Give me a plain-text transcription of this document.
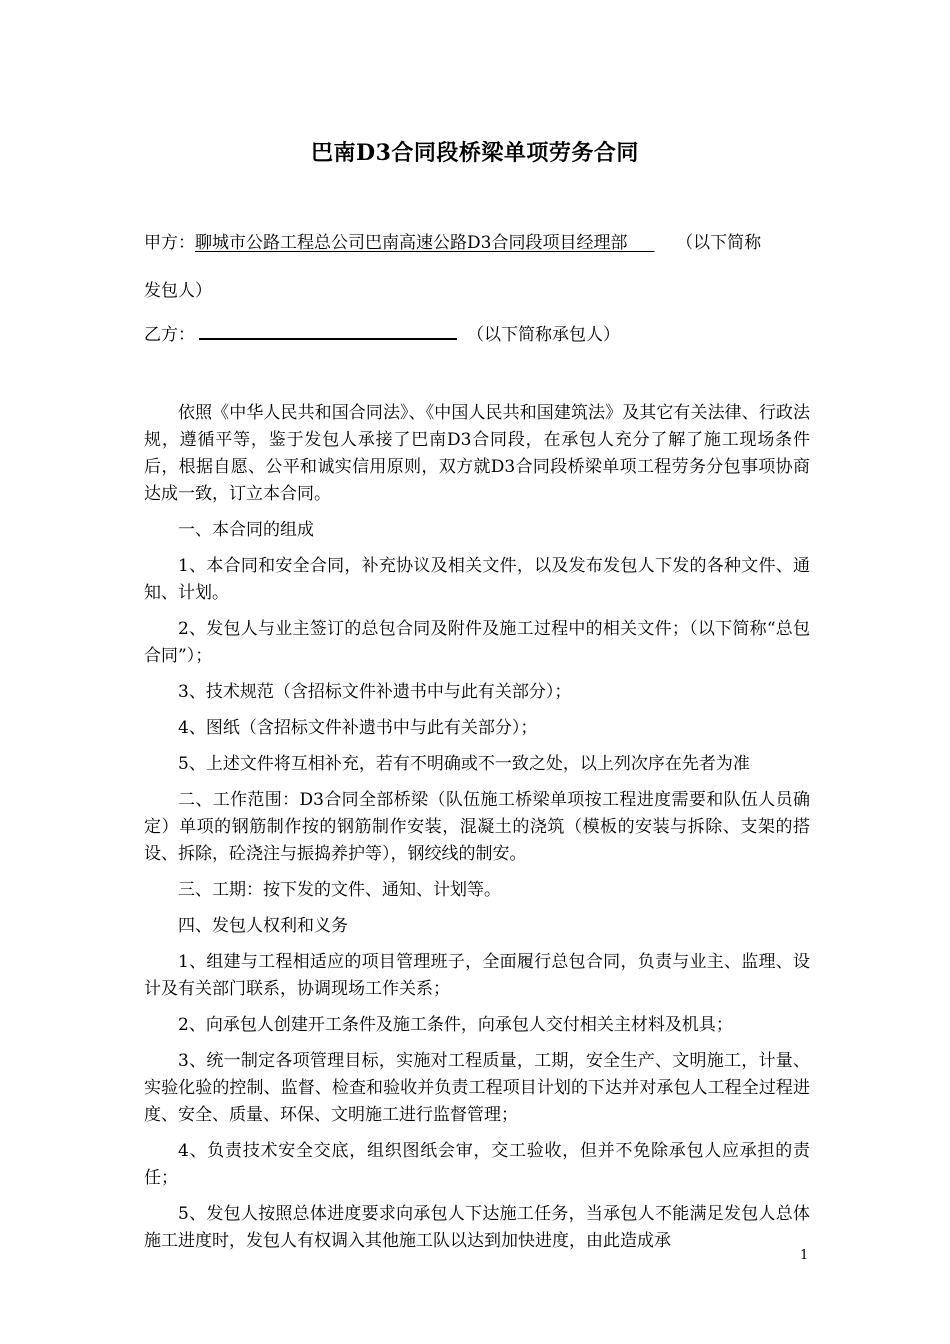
巴南D3合同段桥梁单项劳务合同
甲方：聊城市公路工程总公司巴南高速公路D3合同段项目经理部	（以下简称
发包人）
乙方：	（以下简称承包人）

依照《中华人民共和国合同法》、《中国人民共和国建筑法》及其它有关法律、行政法规，遵循平等，鉴于发包人承接了巴南D3合同段，在承包人充分了解了施工现场条件后，根据自愿、公平和诚实信用原则，双方就D3合同段桥梁单项工程劳务分包事项协商达成一致，订立本合同。

一、本合同的组成

1、本合同和安全合同，补充协议及相关文件，以及发布发包人下发的各种文件、通知、计划。

2、发包人与业主签订的总包合同及附件及施工过程中的相关文件；（以下简称“总包合同”）；

3、技术规范（含招标文件补遗书中与此有关部分）；

4、图纸（含招标文件补遗书中与此有关部分）；

5、上述文件将互相补充，若有不明确或不一致之处，以上列次序在先者为准

二、工作范围：D3合同全部桥梁（队伍施工桥梁单项按工程进度需要和队伍人员确定）单项的钢筋制作按的钢筋制作安装，混凝土的浇筑（模板的安装与拆除、支架的搭设、拆除，砼浇注与振捣养护等），钢绞线的制安。

三、工期：按下发的文件、通知、计划等。

四、发包人权利和义务

1、组建与工程相适应的项目管理班子，全面履行总包合同，负责与业主、监理、设计及有关部门联系，协调现场工作关系；

2、向承包人创建开工条件及施工条件，向承包人交付相关主材料及机具；

3、统一制定各项管理目标，实施对工程质量，工期，安全生产、文明施工，计量、实验化验的控制、监督、检查和验收并负责工程项目计划的下达并对承包人工程全过程进度、安全、质量、环保、文明施工进行监督管理；

4、负责技术安全交底，组织图纸会审，交工验收，但并不免除承包人应承担的责任；

5、发包人按照总体进度要求向承包人下达施工任务，当承包人不能满足发包人总体施工进度时，发包人有权调入其他施工队以达到加快进度，由此造成承

1
